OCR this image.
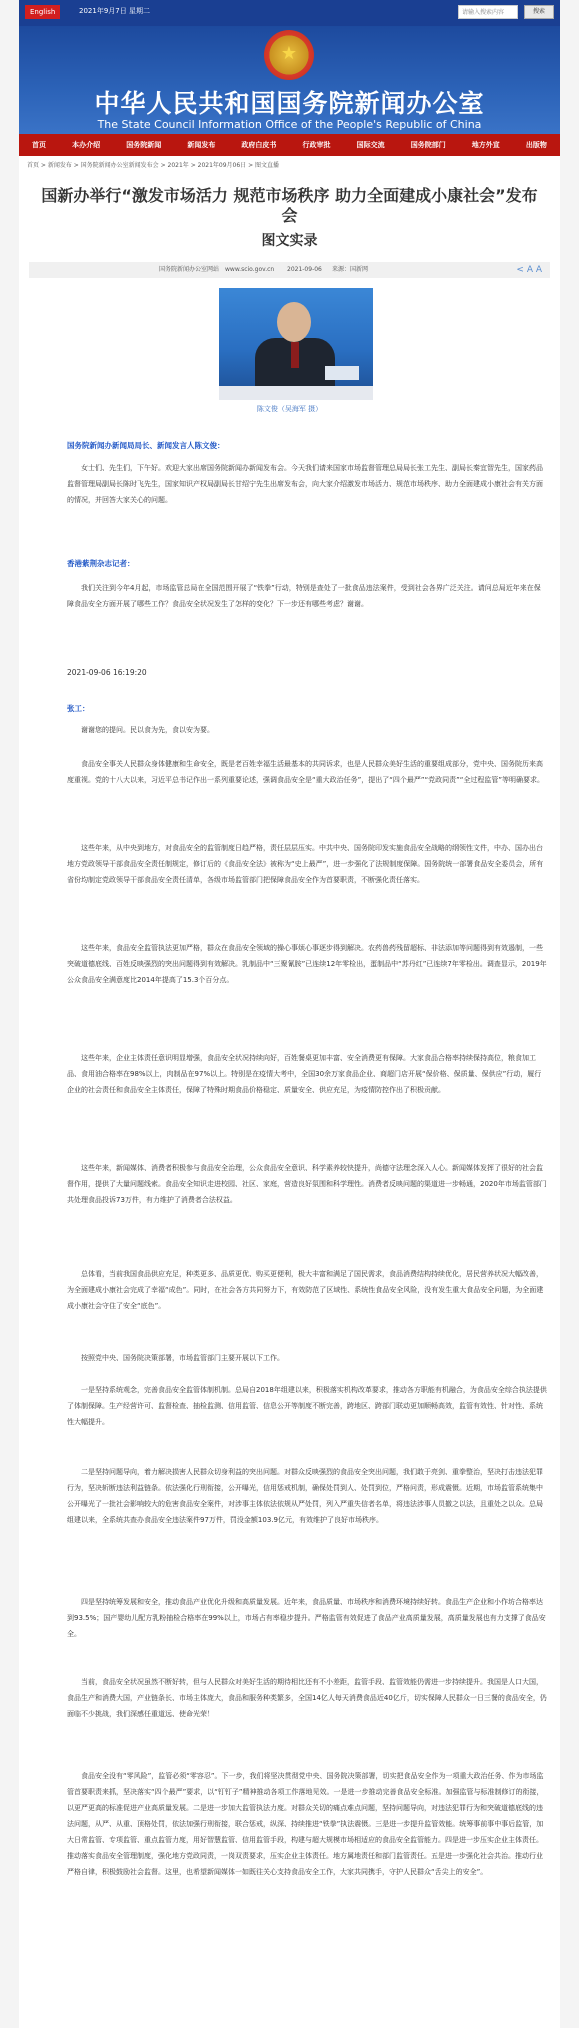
English	2021年9月7日 星期二	请输入搜索内容	搜索
★
中华人民共和国国务院新闻办公室
The State Council Information Office of the People's Republic of China
首页	本办介绍	国务院新闻	新闻发布	政府白皮书	行政审批	国际交流	国务院部门	地方外宣	出版物
首页 > 新闻发布 > 国务院新闻办公室新闻发布会 > 2021年 > 2021年09月06日 > 图文直播
国新办举行“激发市场活力 规范市场秩序 助力全面建成小康社会”发布会
图文实录
国务院新闻办公室网站 www.scio.gov.cn 2021-09-06 来源：国新网	< A A
陈文俊（吴海军 摄）
国务院新闻办新闻局局长、新闻发言人陈文俊：
女士们、先生们，下午好。欢迎大家出席国务院新闻办新闻发布会。今天我们请来国家市场监督管理总局局长张工先生、副局长秦宜智先生，国家药品监督管理局副局长陈时飞先生，国家知识产权局副局长甘绍宁先生出席发布会，向大家介绍激发市场活力、规范市场秩序、助力全面建成小康社会有关方面的情况，并回答大家关心的问题。
香港紫荆杂志记者：
我们关注到今年4月起，市场监管总局在全国范围开展了“铁拳”行动，特别是查处了一批食品违法案件，受到社会各界广泛关注。请问总局近年来在保障食品安全方面开展了哪些工作？食品安全状况发生了怎样的变化？下一步还有哪些考虑？谢谢。
2021-09-06 16:19:20
张工：
谢谢您的提问。民以食为先，食以安为要。
食品安全事关人民群众身体健康和生命安全，既是老百姓幸福生活最基本的共同诉求，也是人民群众美好生活的重要组成部分，党中央、国务院历来高度重视。党的十八大以来，习近平总书记作出一系列重要论述，强调食品安全是“重大政治任务”，提出了“四个最严”“党政同责”“全过程监管”等明确要求。
这些年来，从中央到地方，对食品安全的监管制度日趋严格，责任层层压实。中共中央、国务院印发实施食品安全战略的纲领性文件，中办、国办出台地方党政领导干部食品安全责任制规定，修订后的《食品安全法》被称为“史上最严”，进一步强化了法规制度保障。国务院统一部署食品安全委员会，所有省份均制定党政领导干部食品安全责任清单，各级市场监管部门把保障食品安全作为首要职责，不断强化责任落实。
这些年来，食品安全监管执法更加严格，群众在食品安全领域的操心事烦心事逐步得到解决。农药兽药残留超标、非法添加等问题得到有效遏制，一些突破道德底线、百姓反映强烈的突出问题得到有效解决。乳制品中“三聚氰胺”已连续12年零检出，蛋制品中“苏丹红”已连续7年零检出。调查显示，2019年公众食品安全满意度比2014年提高了15.3个百分点。
这些年来，企业主体责任意识明显增强，食品安全状况持续向好，百姓餐桌更加丰富、安全消费更有保障。大家食品合格率持续保持高位，粮食加工品、食用油合格率在98%以上，肉制品在97%以上。特别是在疫情大考中，全国30余万家食品企业、商超门店开展“保价格、保质量、保供应”行动，履行企业的社会责任和食品安全主体责任，保障了特殊时期食品价格稳定、质量安全、供应充足，为疫情防控作出了积极贡献。
这些年来，新闻媒体、消费者积极参与食品安全治理，公众食品安全意识、科学素养较快提升，尚德守法理念深入人心。新闻媒体发挥了很好的社会监督作用，提供了大量问题线索。食品安全知识走进校园、社区、家庭，营造良好氛围和科学理性。消费者反映问题的渠道进一步畅通，2020年市场监管部门共处理食品投诉73万件，有力维护了消费者合法权益。
总体看，当前我国食品供应充足，种类更多、品质更优、购买更便利，极大丰富和满足了国民需求，食品消费结构持续优化，居民营养状况大幅改善，为全面建成小康社会完成了幸福“成色”。同时，在社会各方共同努力下，有效防范了区域性、系统性食品安全风险，没有发生重大食品安全问题，为全面建成小康社会守住了安全“底色”。
按照党中央、国务院决策部署，市场监管部门主要开展以下工作。
一是坚持系统观念，完善食品安全监管体制机制。总局自2018年组建以来，积极落实机构改革要求，推动各方职能有机融合，为食品安全综合执法提供了体制保障。生产经营许可、监督检查、抽检监测、信用监管、信息公开等制度不断完善，跨地区、跨部门联动更加顺畅高效，监管有效性、针对性、系统性大幅提升。
二是坚持问题导向，着力解决损害人民群众切身利益的突出问题。对群众反映强烈的食品安全突出问题，我们敢于亮剑、重拳整治，坚决打击违法犯罪行为，坚决斩断违法利益链条。依法强化行刑衔接，公开曝光，信用惩戒机制，确保处罚到人、处罚到位，严格问责，形成震慑。近期，市场监管系统集中公开曝光了一批社会影响较大的危害食品安全案件，对涉事主体依法依规从严处罚，列入严重失信者名单，将违法涉事人员撤之以法，且重处之以众。总局组建以来，全系统共查办食品安全违法案件97万件，罚没金额103.9亿元，有效维护了良好市场秩序。
四是坚持统筹发展和安全，推动食品产业优化升级和高质量发展。近年来，食品质量、市场秩序和消费环境持续好转。食品生产企业和小作坊合格率达到93.5%；国产婴幼儿配方乳粉抽检合格率在99%以上，市场占有率稳步提升。严格监管有效促进了食品产业高质量发展，高质量发展也有力支撑了食品安全。
当前，食品安全状况虽然不断好转，但与人民群众对美好生活的期待相比还有不小差距，监管手段、监管效能仍需进一步持续提升。我国是人口大国，食品生产和消费大国，产业链条长、市场主体庞大，食品和服务种类繁多，全国14亿人每天消费食品近40亿斤，切实保障人民群众一日三餐的食品安全，仍面临不少挑战，我们深感任重道远、使命光荣！
食品安全没有“零风险”，监管必须“零容忍”。下一步，我们将坚决贯彻党中央、国务院决策部署，切实把食品安全作为一项重大政治任务、作为市场监管首要职责来抓，坚决落实“四个最严”要求，以“钉钉子”精神推动各项工作落地见效。一是进一步推动完善食品安全标准。加强监管与标准制修订的衔接，以更严更高的标准促进产业高质量发展。二是进一步加大监管执法力度。对群众关切的痛点难点问题，坚持问题导向，对违法犯罪行为和突破道德底线的违法问题，从严、从重、顶格处罚，依法加强行刑衔接，联合惩戒，纵深、持续推进“铁拳”执法震慑。三是进一步提升监管效能。统筹事前事中事后监管，加大日常监管、专项监管、重点监管力度，用好智慧监管、信用监管手段，构建与超大规模市场相适应的食品安全监管能力。四是进一步压实企业主体责任。推动落实食品安全管理制度，强化地方党政同责，一岗双责要求，压实企业主体责任。地方属地责任和部门监管责任。五是进一步强化社会共治。推动行业严格自律，积极鼓励社会监督。这里，也希望新闻媒体一如既往关心支持食品安全工作，大家共同携手，守护人民群众“舌尖上的安全”。
